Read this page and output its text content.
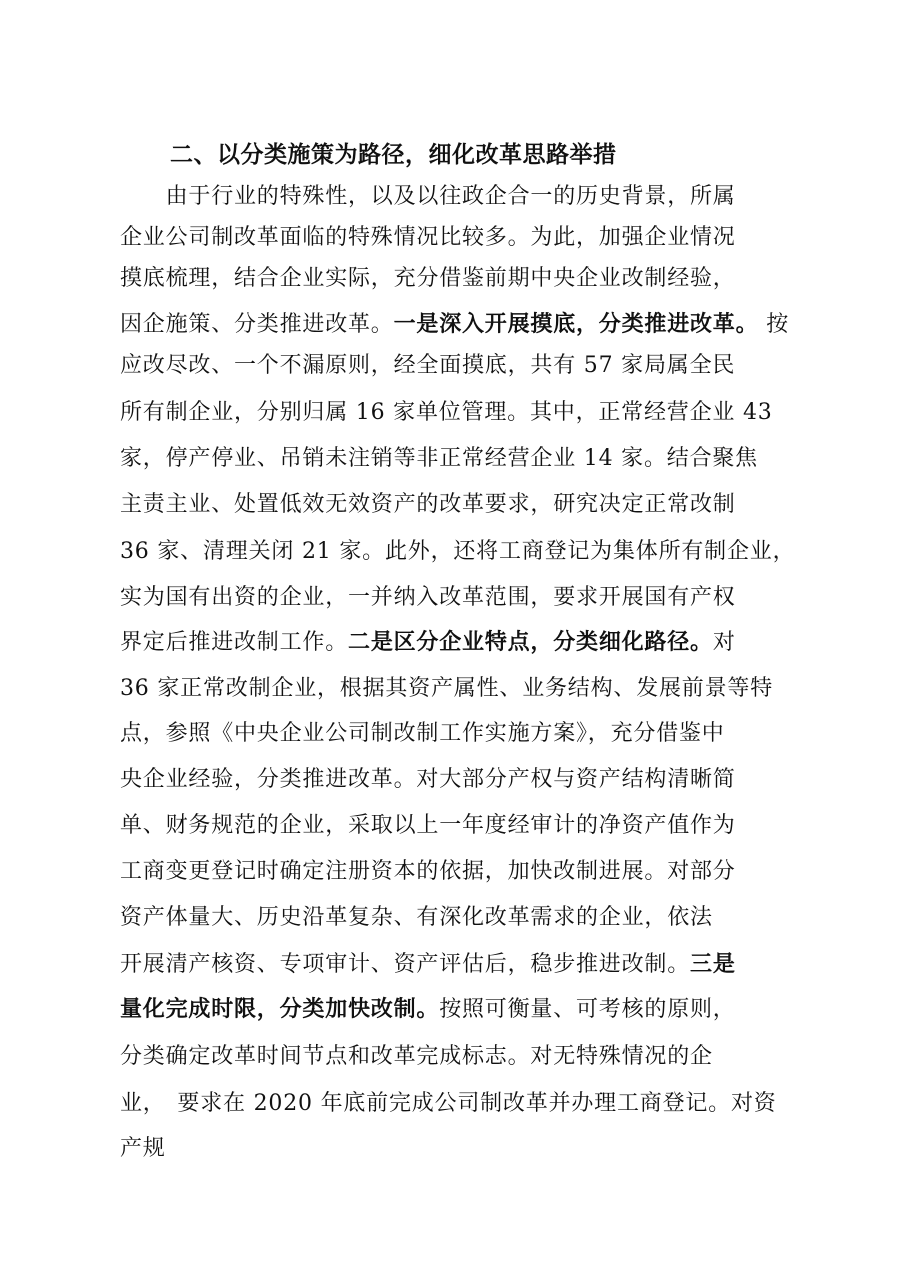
二、以分类施策为路径，细化改革思路举措
　　由于行业的特殊性，以及以往政企合一的历史背景，所属
企业公司制改革面临的特殊情况比较多。为此，加强企业情况
摸底梳理，结合企业实际，充分借鉴前期中央企业改制经验，
因企施策、分类推进改革。一是深入开展摸底，分类推进改革。 按
应改尽改、一个不漏原则，经全面摸底，共有 57 家局属全民
所有制企业，分别归属 16 家单位管理。其中，正常经营企业 43
家，停产停业、吊销未注销等非正常经营企业 14 家。结合聚焦
主责主业、处置低效无效资产的改革要求，研究决定正常改制
36 家、清理关闭 21 家。此外，还将工商登记为集体所有制企业，
实为国有出资的企业，一并纳入改革范围，要求开展国有产权
界定后推进改制工作。二是区分企业特点，分类细化路径。对
36 家正常改制企业，根据其资产属性、业务结构、发展前景等特
点，参照《中央企业公司制改制工作实施方案》，充分借鉴中
央企业经验，分类推进改革。对大部分产权与资产结构清晰简
单、财务规范的企业，采取以上一年度经审计的净资产值作为
工商变更登记时确定注册资本的依据，加快改制进展。对部分
资产体量大、历史沿革复杂、有深化改革需求的企业，依法
开展清产核资、专项审计、资产评估后，稳步推进改制。三是
量化完成时限，分类加快改制。按照可衡量、可考核的原则，
分类确定改革时间节点和改革完成标志。对无特殊情况的企
业，　要求在 2020 年底前完成公司制改革并办理工商登记。对资
产规
